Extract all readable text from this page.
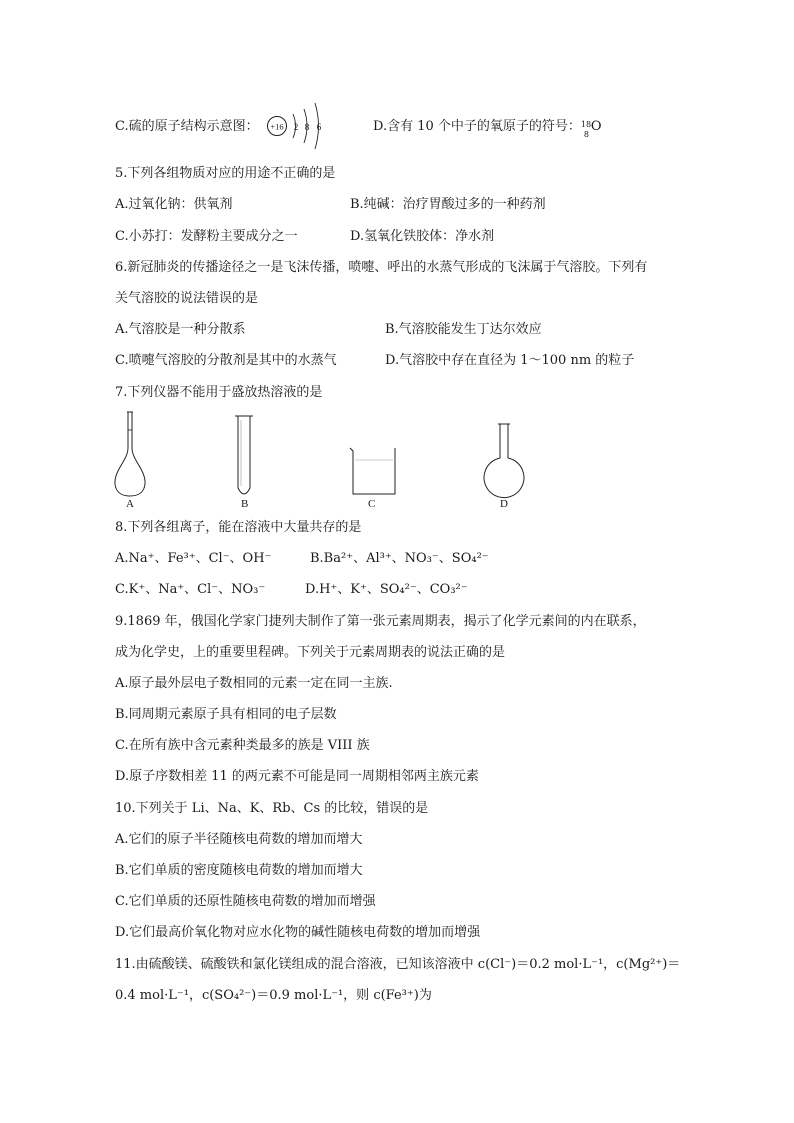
C.硫的原子结构示意图： +16 2 8 6	D.含有 10 个中子的氧原子的符号： 18
8
O
5.下列各组物质对应的用途不正确的是
A.过氧化钠：供氧剂	B.纯碱：治疗胃酸过多的一种药剂
C.小苏打：发酵粉主要成分之一	D.氢氧化铁胶体：净水剂
6.新冠肺炎的传播途径之一是飞沫传播，喷嚏、呼出的水蒸气形成的飞沫属于气溶胶。下列有
关气溶胶的说法错误的是
A.气溶胶是一种分散系	B.气溶胶能发生丁达尔效应
C.喷嚏气溶胶的分散剂是其中的水蒸气	D.气溶胶中存在直径为 1～100 nm 的粒子
7.下列仪器不能用于盛放热溶液的是
A	B	C	D
8.下列各组离子，能在溶液中大量共存的是
A.Na⁺、Fe³⁺、Cl⁻、OH⁻	B.Ba²⁺、Al³⁺、NO₃⁻、SO₄²⁻
C.K⁺、Na⁺、Cl⁻、NO₃⁻	D.H⁺、K⁺、SO₄²⁻、CO₃²⁻
9.1869 年，俄国化学家门捷列夫制作了第一张元素周期表，揭示了化学元素间的内在联系，
成为化学史，上的重要里程碑。下列关于元素周期表的说法正确的是
A.原子最外层电子数相同的元素一定在同一主族.
B.同周期元素原子具有相同的电子层数
C.在所有族中含元素种类最多的族是 VIII 族
D.原子序数相差 11 的两元素不可能是同一周期相邻两主族元素
10.下列关于 Li、Na、K、Rb、Cs 的比较，错误的是
A.它们的原子半径随核电荷数的增加而增大
B.它们单质的密度随核电荷数的增加而增大
C.它们单质的还原性随核电荷数的增加而增强
D.它们最高价氧化物对应水化物的碱性随核电荷数的增加而增强
11.由硫酸镁、硫酸铁和氯化镁组成的混合溶液，已知该溶液中 c(Cl⁻)＝0.2 mol·L⁻¹，c(Mg²⁺)＝
0.4 mol·L⁻¹，c(SO₄²⁻)＝0.9 mol·L⁻¹，则 c(Fe³⁺)为
